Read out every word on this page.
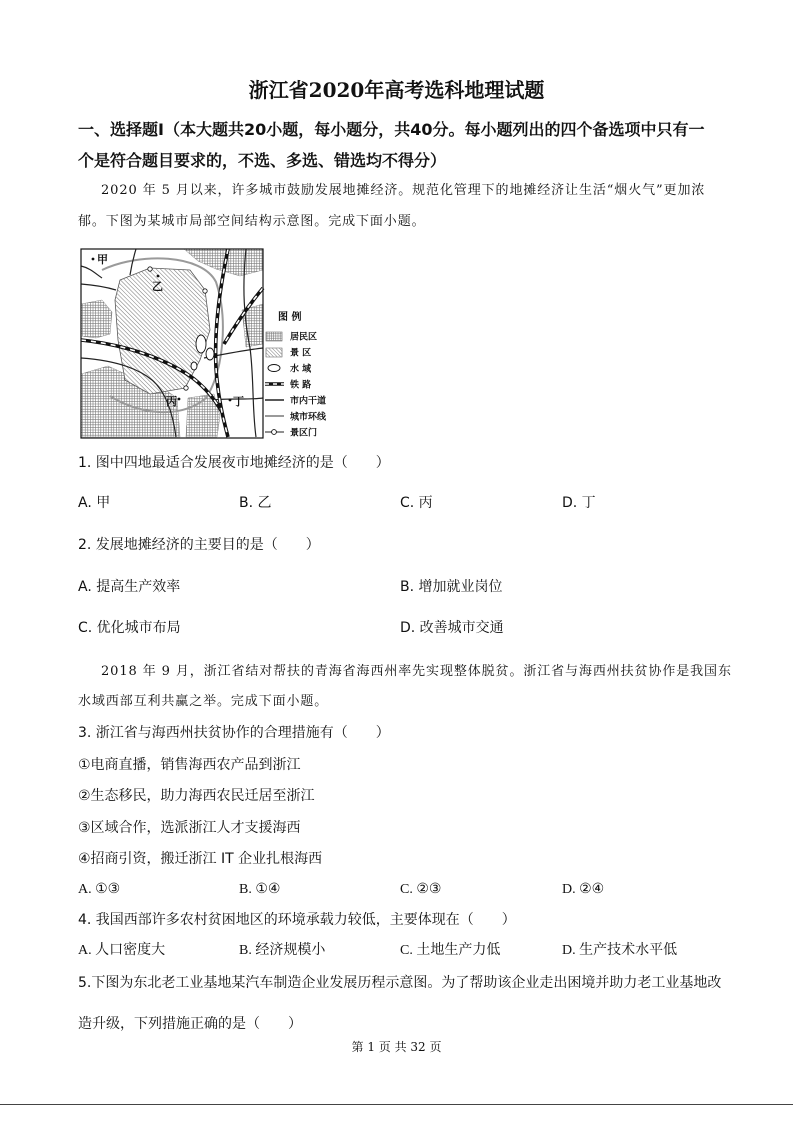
浙江省2020年高考选科地理试题
一、选择题Ⅰ（本大题共20小题，每小题分，共40分。每小题列出的四个备选项中只有一
个是符合题目要求的，不选、多选、错选均不得分）
2020 年 5 月以来，许多城市鼓励发展地摊经济。规范化管理下的地摊经济让生活“烟火气”更加浓
郁。下图为某城市局部空间结构示意图。完成下面小题。
甲
乙
丙	丁
图 例
居民区
景 区
水 域
铁 路
市内干道
城市环线
景区门
1. 图中四地最适合发展夜市地摊经济的是（　　）
A. 甲	B. 乙	C. 丙	D. 丁
2. 发展地摊经济的主要目的是（　　）
A. 提高生产效率	B. 增加就业岗位
C. 优化城市布局	D. 改善城市交通
2018 年 9 月，浙江省结对帮扶的青海省海西州率先实现整体脱贫。浙江省与海西州扶贫协作是我国东
水域西部互利共赢之举。完成下面小题。
3. 浙江省与海西州扶贫协作的合理措施有（　　）
①电商直播，销售海西农产品到浙江
②生态移民，助力海西农民迁居至浙江
③区域合作，选派浙江人才支援海西
④招商引资，搬迁浙江 IT 企业扎根海西
A. ①③	B. ①④	C. ②③	D. ②④
4. 我国西部许多农村贫困地区的环境承载力较低，主要体现在（　　）
A. 人口密度大	B. 经济规模小	C. 土地生产力低	D. 生产技术水平低
5.下图为东北老工业基地某汽车制造企业发展历程示意图。为了帮助该企业走出困境并助力老工业基地改
造升级，下列措施正确的是（　　）
第 1 页 共 32 页
